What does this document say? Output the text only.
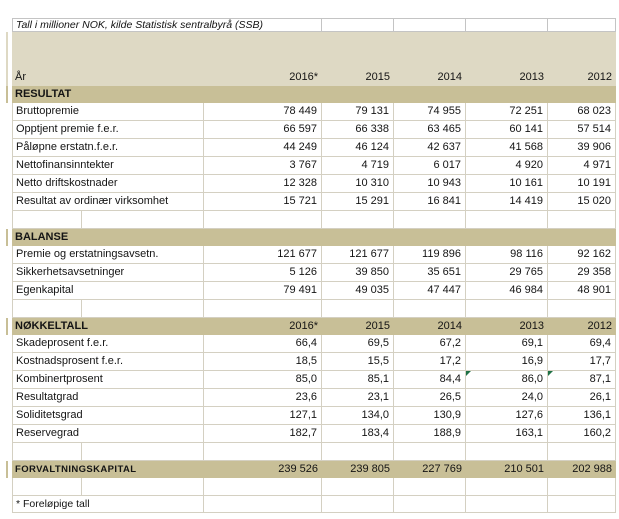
Tall i millioner NOK, kilde Statistisk sentralbyrå (SSB)
År	2016*	2015	2014	2013	2012
RESULTAT
Bruttopremie	78 449	79 131	74 955	72 251	68 023
Opptjent premie f.e.r.	66 597	66 338	63 465	60 141	57 514
Påløpne erstatn.f.e.r.	44 249	46 124	42 637	41 568	39 906
Nettofinansinntekter	3 767	4 719	6 017	4 920	4 971
Netto driftskostnader	12 328	10 310	10 943	10 161	10 191
Resultat av ordinær virksomhet	15 721	15 291	16 841	14 419	15 020
BALANSE
Premie og erstatningsavsetn.	121 677	121 677	119 896	98 116	92 162
Sikkerhetsavsetninger	5 126	39 850	35 651	29 765	29 358
Egenkapital	79 491	49 035	47 447	46 984	48 901
NØKKELTALL	2016*	2015	2014	2013	2012
Skadeprosent f.e.r.	66,4	69,5	67,2	69,1	69,4
Kostnadsprosent f.e.r.	18,5	15,5	17,2	16,9	17,7
Kombinertprosent	85,0	85,1	84,4	86,0	87,1
Resultatgrad	23,6	23,1	26,5	24,0	26,1
Soliditetsgrad	127,1	134,0	130,9	127,6	136,1
Reservegrad	182,7	183,4	188,9	163,1	160,2
FORVALTNINGSKAPITAL	239 526	239 805	227 769	210 501	202 988
* Foreløpige tall
